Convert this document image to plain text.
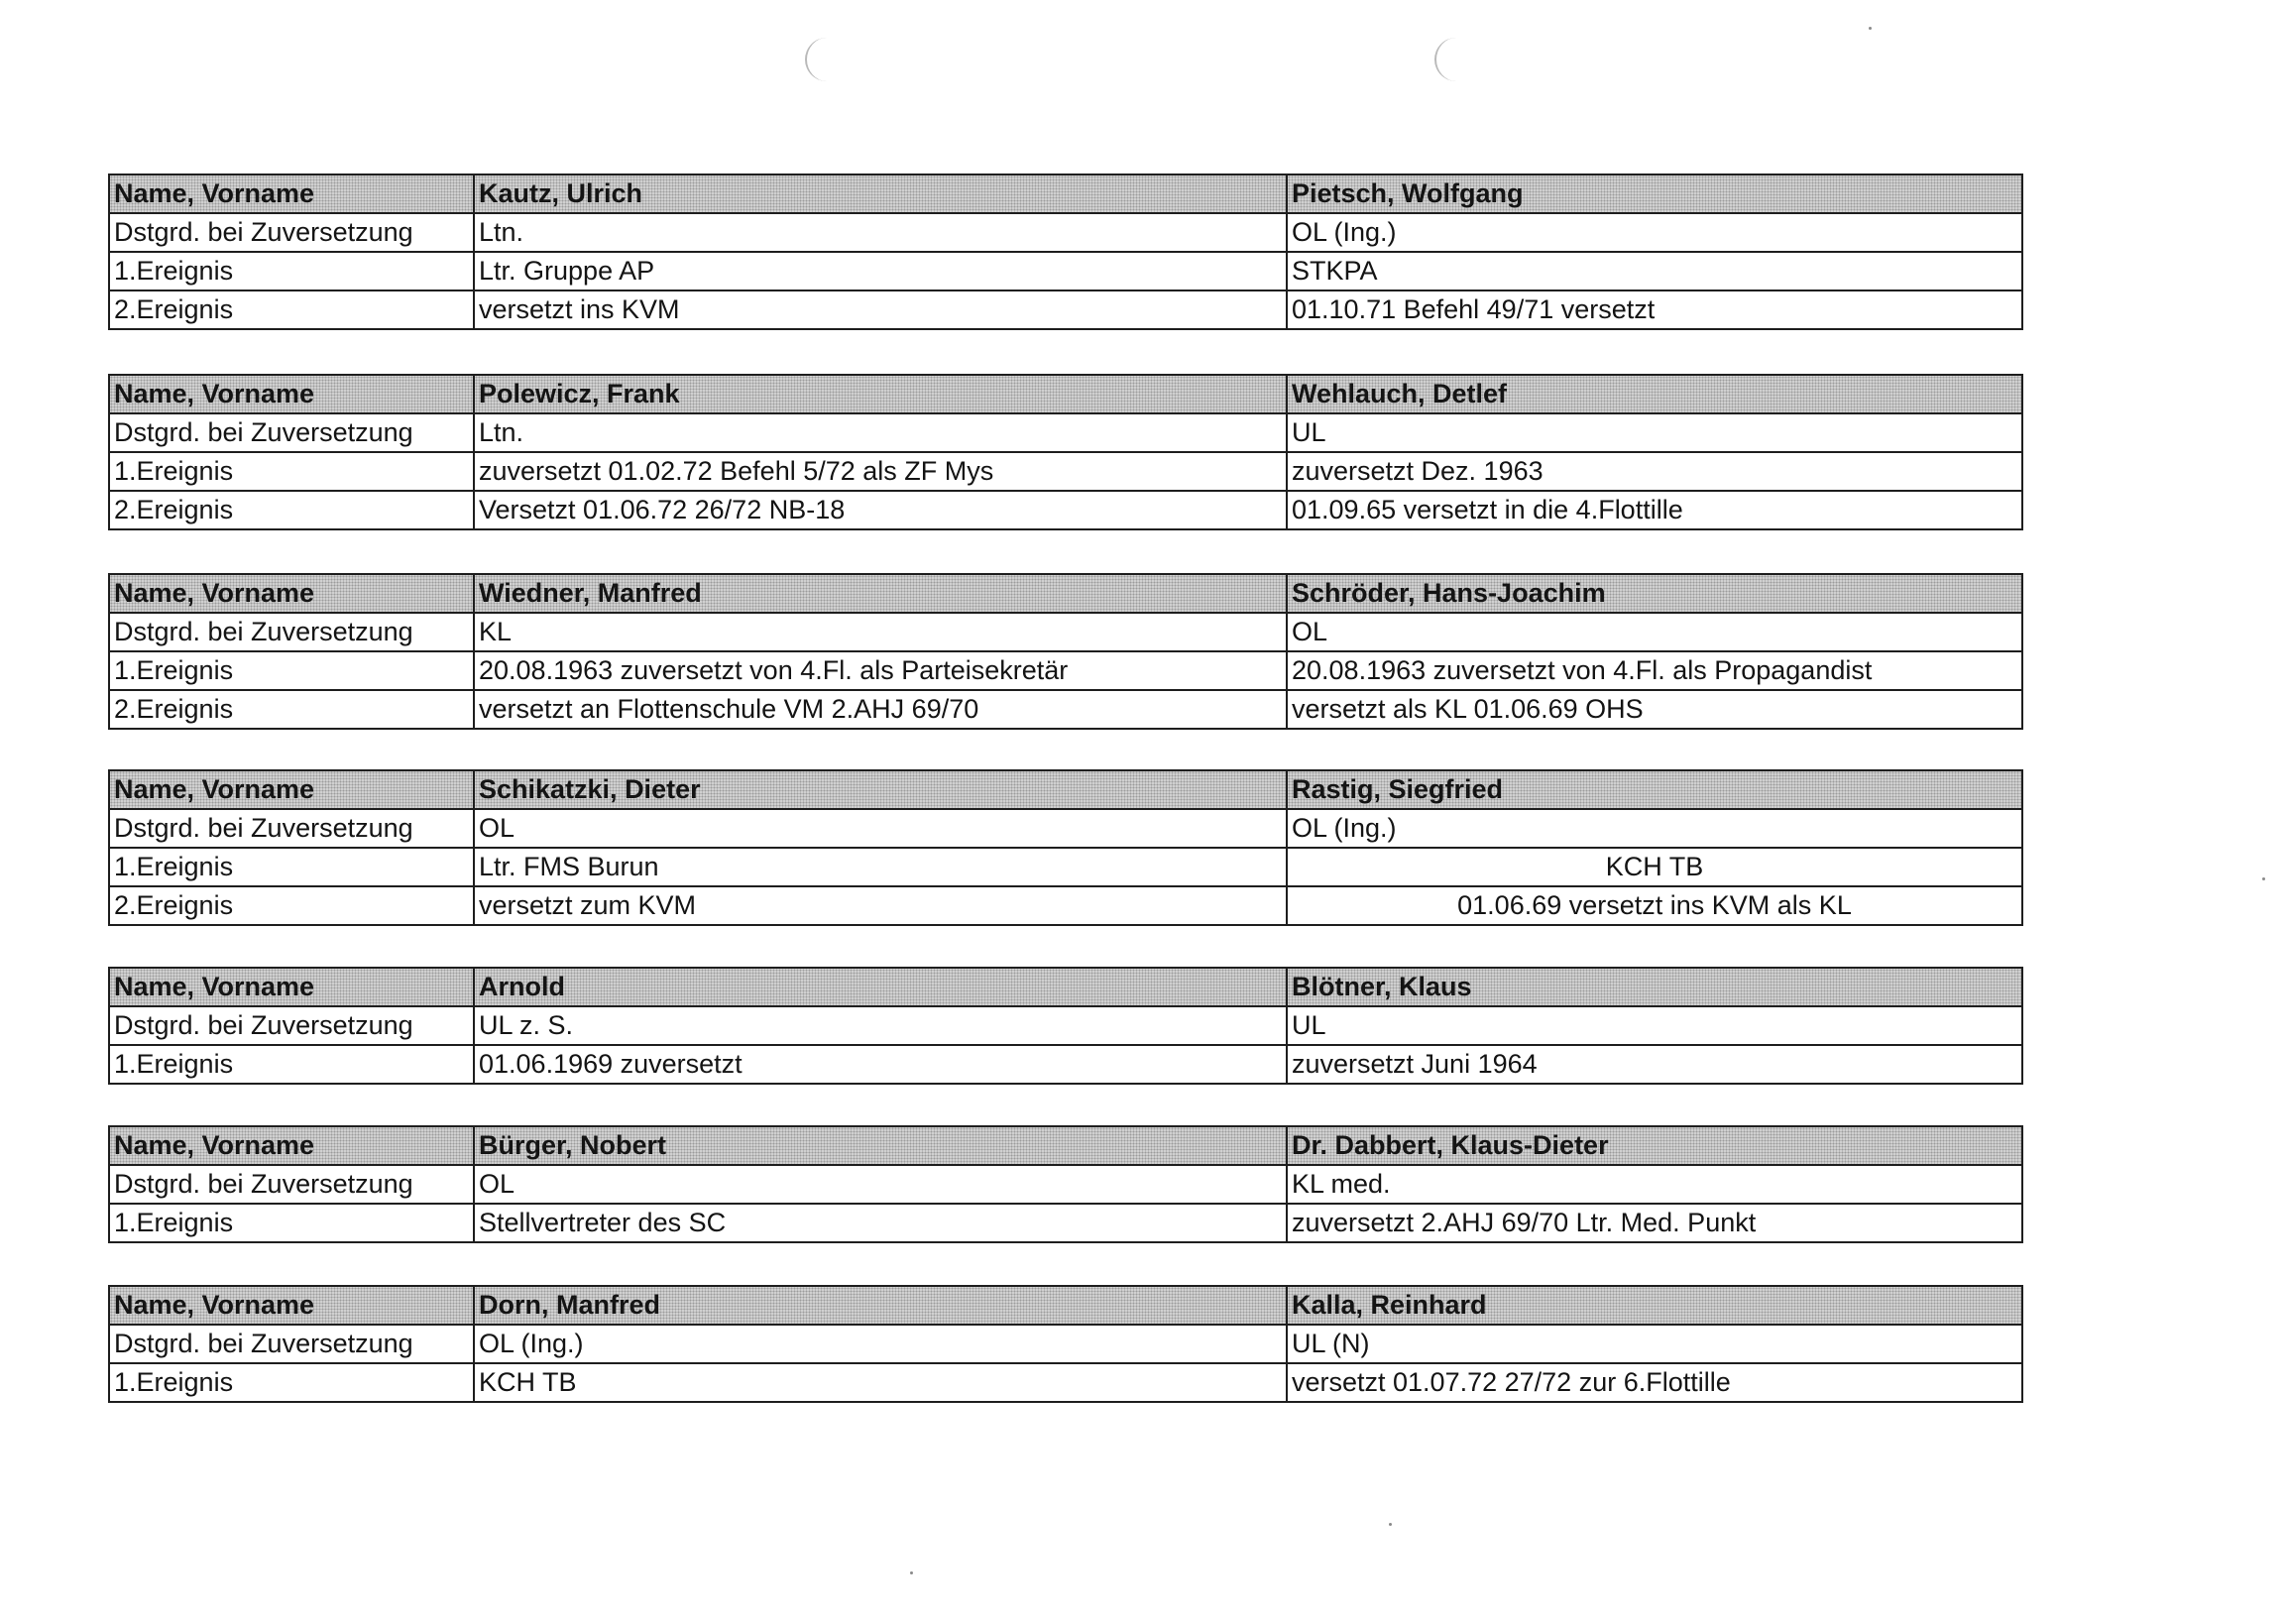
Name, Vorname	Kautz, Ulrich	Pietsch, Wolfgang
Dstgrd. bei Zuversetzung	Ltn.	OL (Ing.)
1.Ereignis	Ltr. Gruppe AP	STKPA
2.Ereignis	versetzt ins KVM	01.10.71 Befehl 49/71 versetzt
Name, Vorname	Polewicz, Frank	Wehlauch, Detlef
Dstgrd. bei Zuversetzung	Ltn.	UL
1.Ereignis	zuversetzt 01.02.72 Befehl 5/72 als ZF Mys	zuversetzt Dez. 1963
2.Ereignis	Versetzt 01.06.72 26/72 NB-18	01.09.65 versetzt in die 4.Flottille
Name, Vorname	Wiedner, Manfred	Schröder, Hans-Joachim
Dstgrd. bei Zuversetzung	KL	OL
1.Ereignis	20.08.1963 zuversetzt von 4.Fl. als Parteisekretär	20.08.1963 zuversetzt von 4.Fl. als Propagandist
2.Ereignis	versetzt an Flottenschule VM 2.AHJ 69/70	versetzt als KL 01.06.69 OHS
Name, Vorname	Schikatzki, Dieter	Rastig, Siegfried
Dstgrd. bei Zuversetzung	OL	OL (Ing.)
1.Ereignis	Ltr. FMS Burun	KCH TB
2.Ereignis	versetzt zum KVM	01.06.69 versetzt ins KVM als KL
Name, Vorname	Arnold	Blötner, Klaus
Dstgrd. bei Zuversetzung	UL z. S.	UL
1.Ereignis	01.06.1969 zuversetzt	zuversetzt Juni 1964
Name, Vorname	Bürger, Nobert	Dr. Dabbert, Klaus-Dieter
Dstgrd. bei Zuversetzung	OL	KL med.
1.Ereignis	Stellvertreter des SC	zuversetzt 2.AHJ 69/70 Ltr. Med. Punkt
Name, Vorname	Dorn, Manfred	Kalla, Reinhard
Dstgrd. bei Zuversetzung	OL (Ing.)	UL (N)
1.Ereignis	KCH TB	versetzt 01.07.72 27/72 zur 6.Flottille
